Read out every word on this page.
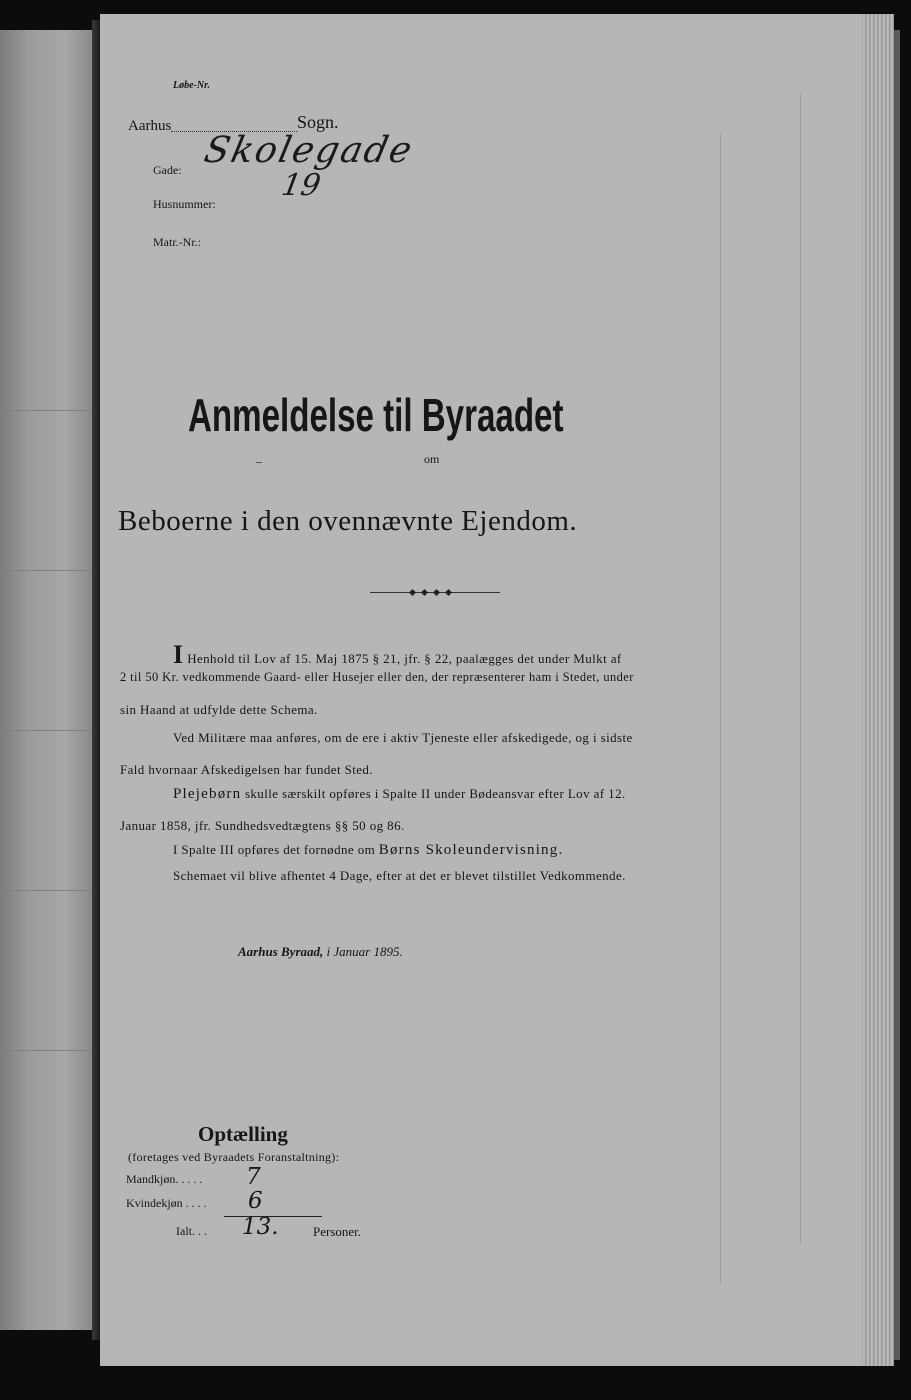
Løbe-Nr.
Aarhus	Sogn.
Gade: Skolegade
Husnummer:
19
Matr.-Nr.:
Anmeldelse til Byraadet
om
Beboerne i den ovennævnte Ejendom.
I Henhold til Lov af 15. Maj 1875 § 21, jfr. § 22, paalægges det under Mulkt af
2 til 50 Kr. vedkommende Gaard- eller Husejer eller den, der repræsenterer ham i Stedet, under
sin Haand at udfylde dette Schema.
Ved Militære maa anføres, om de ere i aktiv Tjeneste eller afskedigede, og i sidste
Fald hvornaar Afskedigelsen har fundet Sted.
Plejebørn skulle særskilt opføres i Spalte II under Bødeansvar efter Lov af 12.
Januar 1858, jfr. Sundhedsvedtægtens §§ 50 og 86.
I Spalte III opføres det fornødne om Børns Skoleundervisning.
Schemaet vil blive afhentet 4 Dage, efter at det er blevet tilstillet Vedkommende.
Aarhus Byraad, i Januar 1895.
Optælling
(foretages ved Byraadets Foranstaltning):
Mandkjøn. . . . . 7
Kvindekjøn . . . . 6
Ialt. . . 13.	Personer.
